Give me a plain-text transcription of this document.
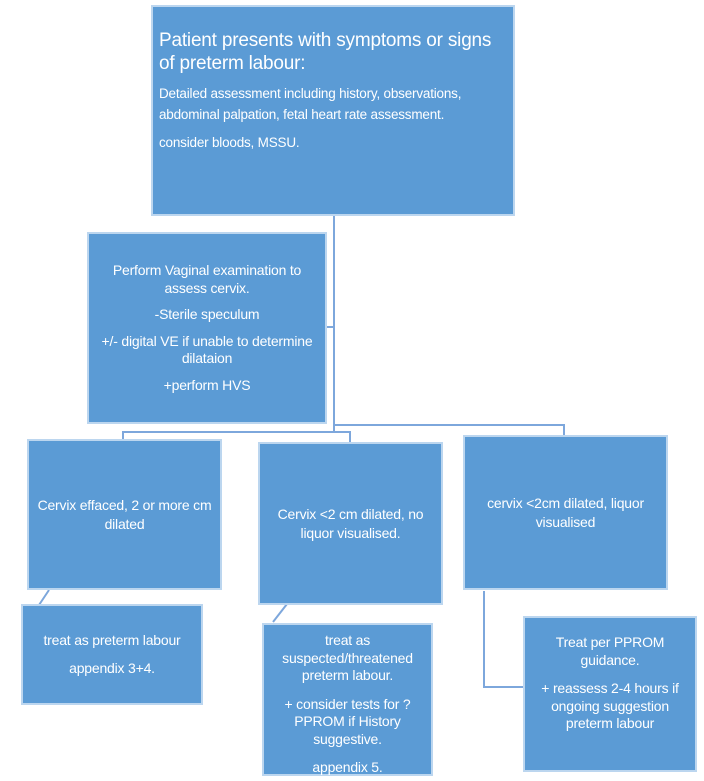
Patient presents with symptoms or signs of preterm labour:

Detailed assessment including history, observations, abdominal palpation, fetal heart rate assessment.

consider bloods, MSSU.

Perform Vaginal examination to assess cervix.

-Sterile speculum

+/- digital VE if unable to determine dilataion

+perform HVS

Cervix effaced, 2 or more cm dilated

Cervix <2 cm dilated, no liquor visualised.

cervix <2cm dilated, liquor visualised

treat as preterm labour

appendix 3+4.

treat as suspected/threatened preterm labour.

+ consider tests for ?PPROM if History suggestive.

appendix 5.

Treat per PPROM guidance.

+ reassess 2-4 hours if ongoing suggestion preterm labour
